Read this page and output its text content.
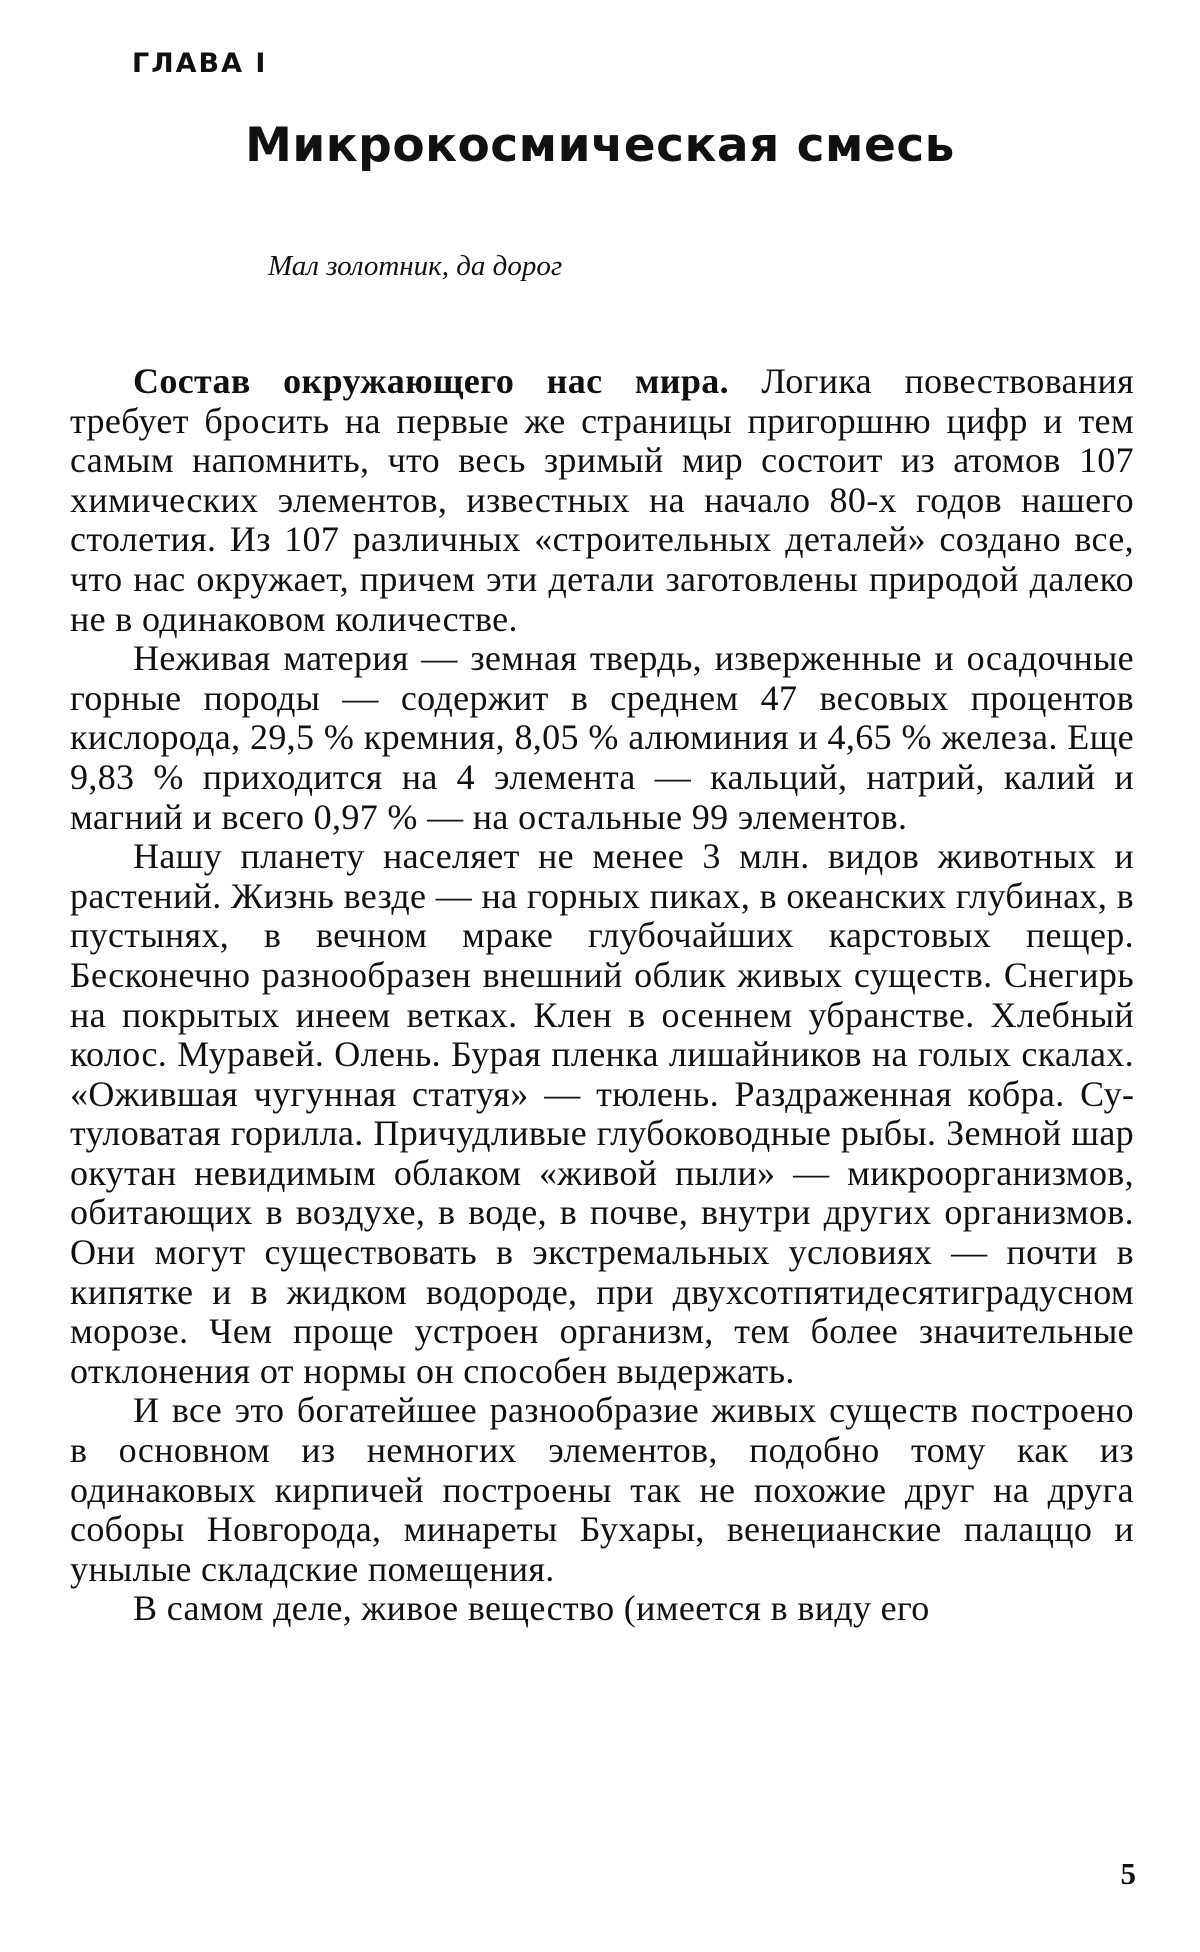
ГЛАВА I
Микрокосмическая смесь

Мал золотник, да дорог

Состав окружающего нас мира. Логика повествования требует бросить на первые же страницы пригоршню цифр и тем самым напомнить, что весь зримый мир состоит из атомов 107 химических элементов, известных на начало 80-х годов нашего столетия. Из 107 различных «строительных деталей» создано все, что нас окружает, причем эти детали заготовлены природой далеко не в одинаковом количестве.

Неживая материя — земная твердь, изверженные и осадочные горные породы — содержит в среднем 47 весовых процентов кислорода, 29,5 % кремния, 8,05 % алюминия и 4,65 % железа. Еще 9,83 % приходится на 4 элемента — кальций, натрий, калий и магний и всего 0,97 % — на остальные 99 элементов.

Нашу планету населяет не менее 3 млн. видов животных и растений. Жизнь везде — на горных пиках, в океанских глубинах, в пустынях, в вечном мраке глубочайших карстовых пещер. Бесконечно разнообразен внешний облик живых существ. Снегирь на покрытых инеем ветках. Клен в осеннем убранстве. Хлебный колос. Муравей. Олень. Бурая пленка лишайников на голых скалах. «Ожившая чугунная статуя» — тюлень. Раздраженная кобра. Сутуловатая горилла. Причудливые глубоководные рыбы. Земной шар окутан невидимым облаком «живой пыли» — микроорганизмов, обитающих в воздухе, в воде, в почве, внутри других организмов. Они могут существовать в экстремальных условиях — почти в кипятке и в жидком водороде, при двухсотпятидесятиградусном морозе. Чем проще устроен организм, тем более значительные отклонения от нормы он способен выдержать.

И все это богатейшее разнообразие живых существ построено в основном из немногих элементов, подобно тому как из одинаковых кирпичей построены так не похожие друг на друга соборы Новгорода, минареты Бухары, венецианские палаццо и унылые складские помещения.

В самом деле, живое вещество (имеется в виду его

5
